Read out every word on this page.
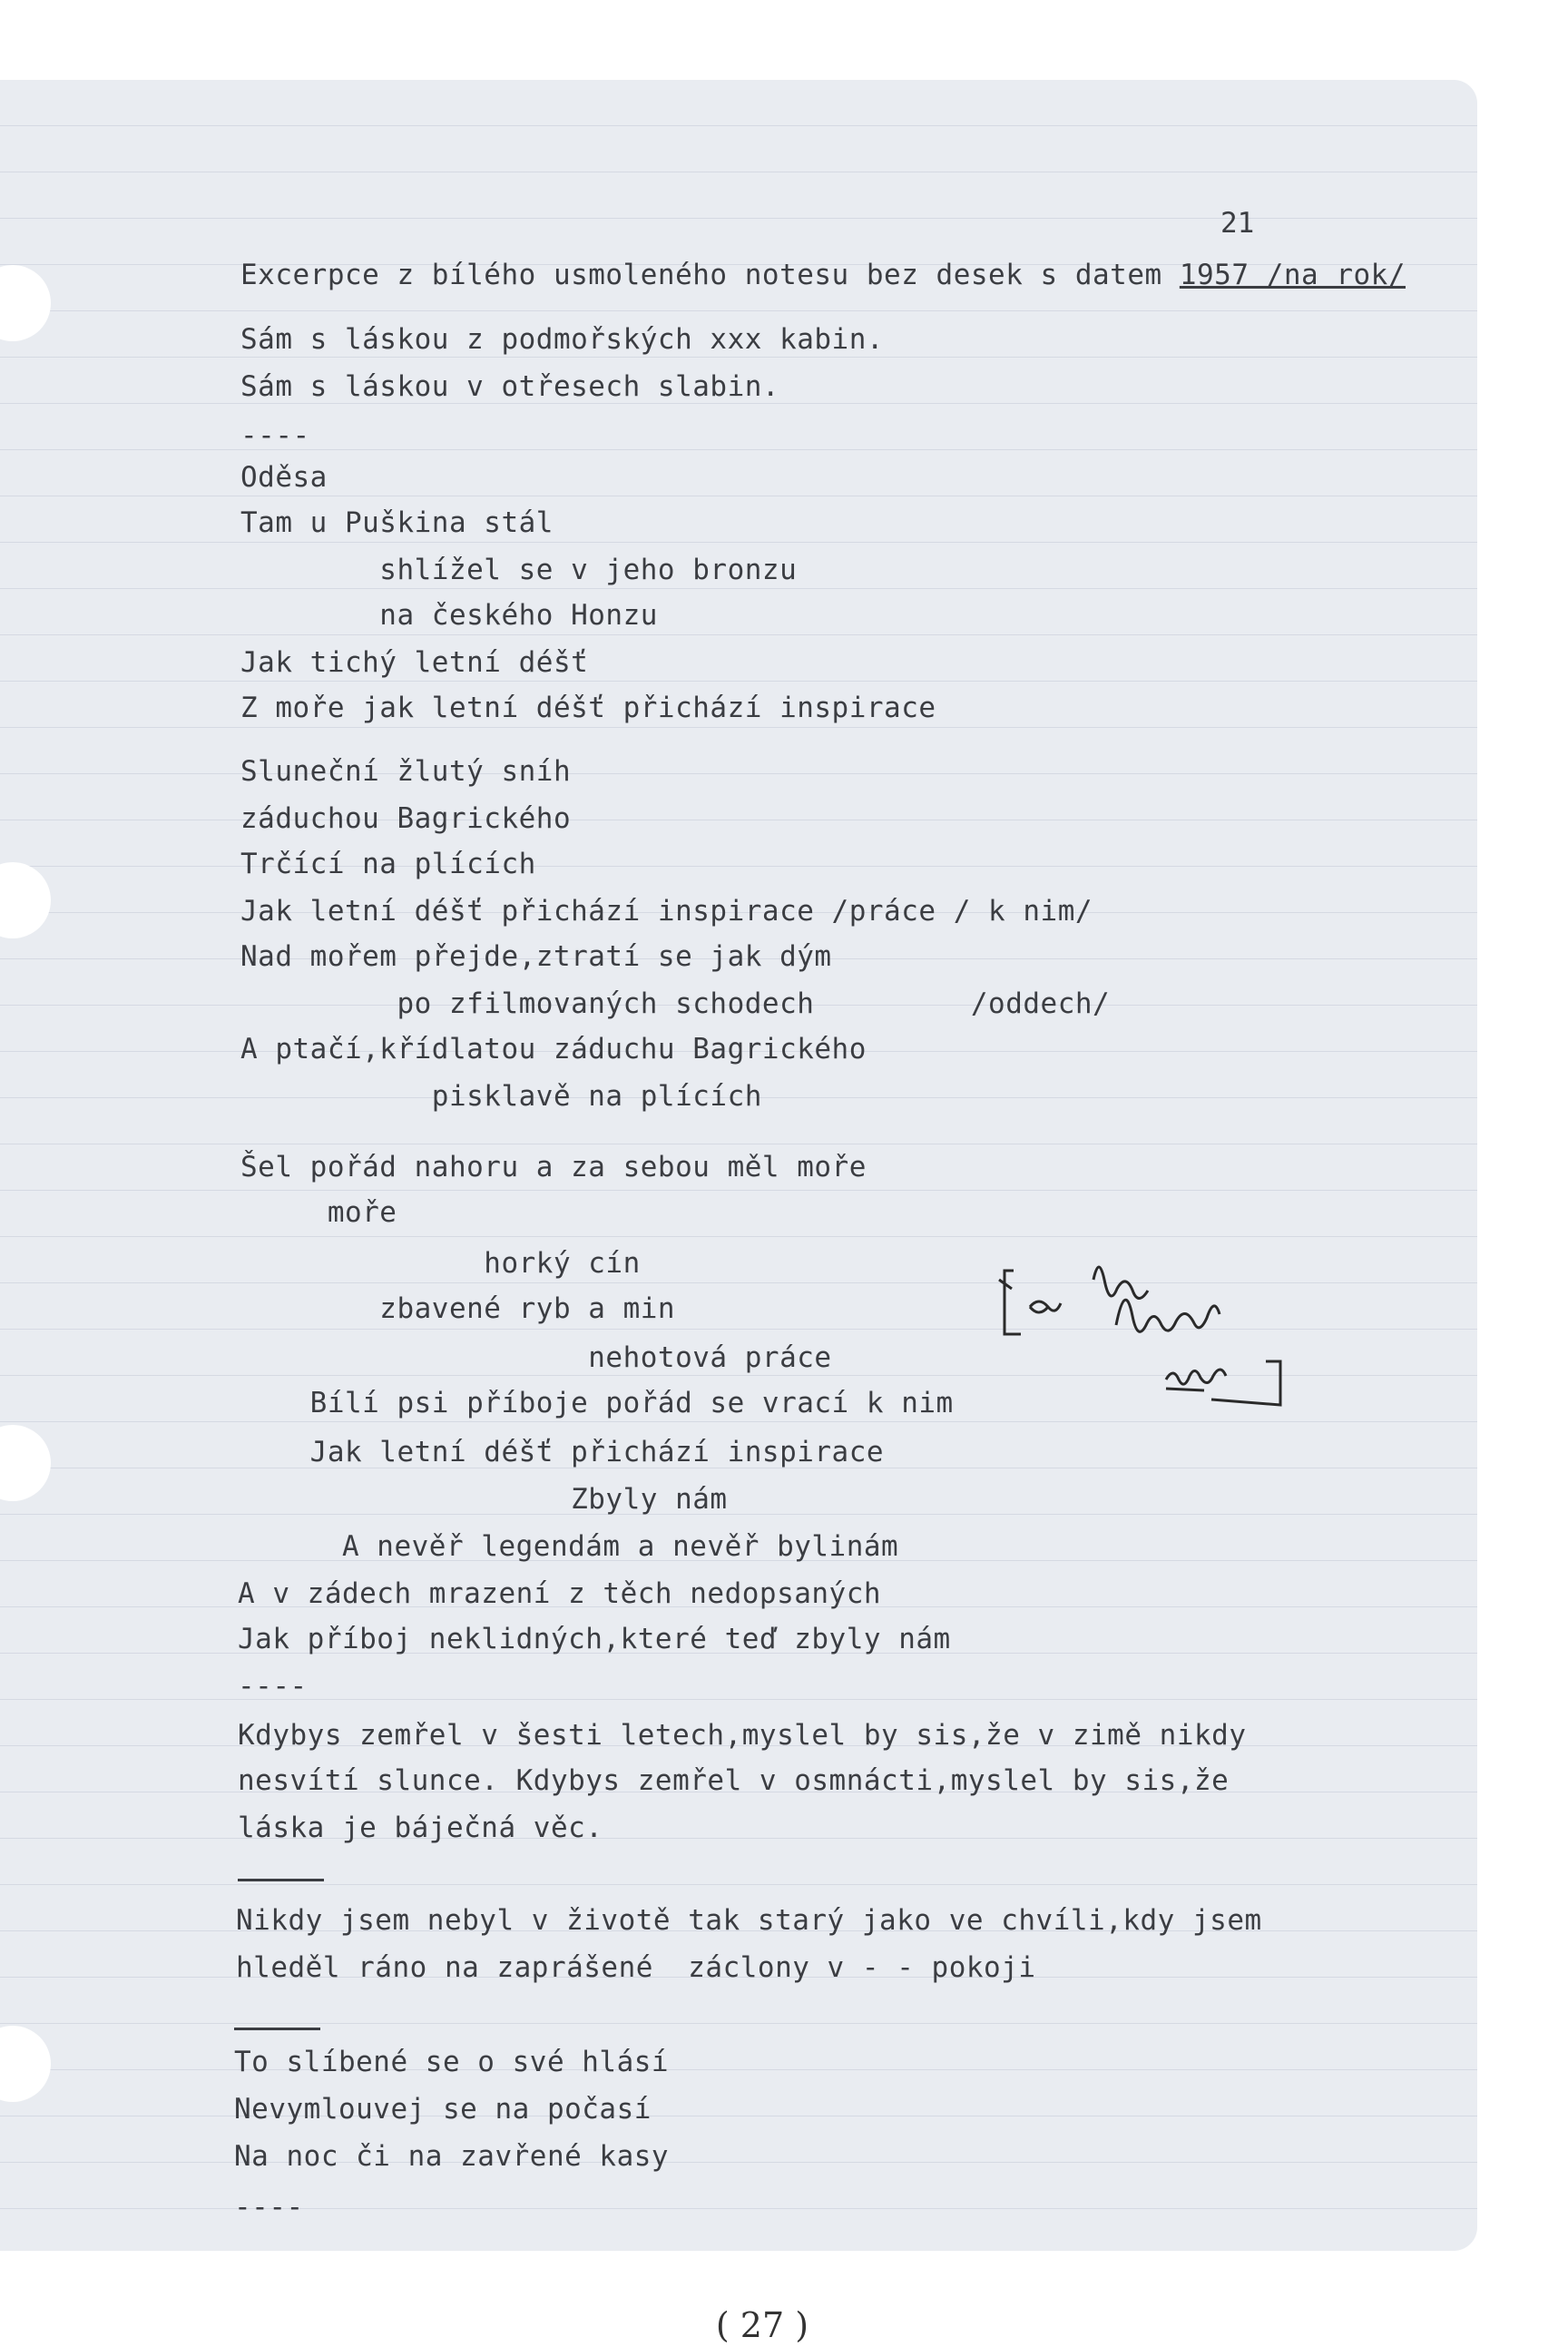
21
Excerpce z bílého usmoleného notesu bez desek s datem 1957 /na rok/
Sám s láskou z podmořských xxx kabin.
Sám s láskou v otřesech slabin.
----
Oděsa
Tam u Puškina stál
shlížel se v jeho bronzu
na českého Honzu
Jak tichý letní déšť
Z moře jak letní déšť přichází inspirace
Sluneční žlutý sníh
záduchou Bagrického
Trčící na plících
Jak letní déšť přichází inspirace /práce / k nim/
Nad mořem přejde,ztratí se jak dým
po zfilmovaných schodech         /oddech/
A ptačí,křídlatou záduchu Bagrického
pisklavě na plících
Šel pořád nahoru a za sebou měl moře
moře
horký cín
zbavené ryb a min
nehotová práce
Bílí psi příboje pořád se vrací k nim
Jak letní déšť přichází inspirace
Zbyly nám
A nevěř legendám a nevěř bylinám
A v zádech mrazení z těch nedopsaných
Jak příboj neklidných,které teď zbyly nám
----
Kdybys zemřel v šesti letech,myslel by sis,že v zimě nikdy
nesvítí slunce. Kdybys zemřel v osmnácti,myslel by sis,že
láska je báječná věc.
Nikdy jsem nebyl v životě tak starý jako ve chvíli,kdy jsem
hleděl ráno na zaprášené  záclony v - - pokoji
To slíbené se o své hlásí
Nevymlouvej se na počasí
Na noc či na zavřené kasy
----
[a plné fluidních min]
( 27 )
